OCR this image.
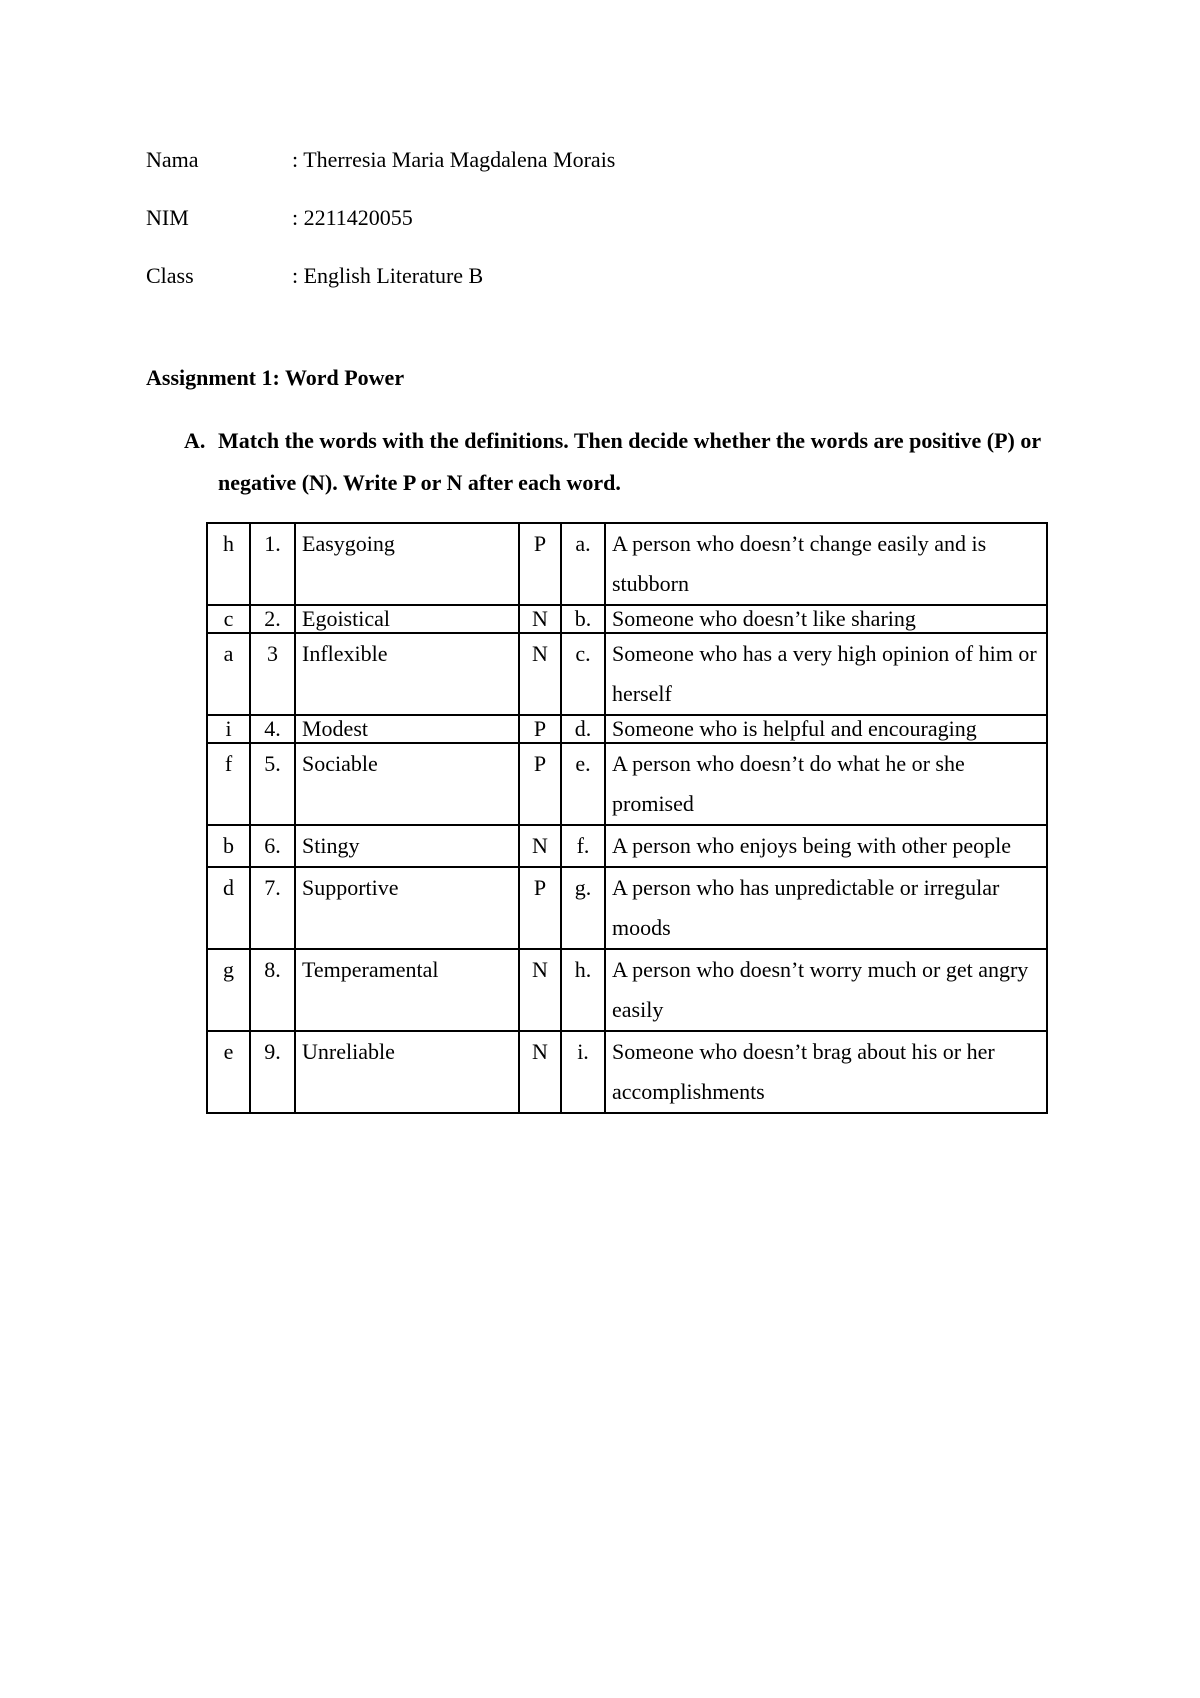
Nama	: Therresia Maria Magdalena Morais
NIM	: 2211420055
Class	: English Literature B
Assignment 1: Word Power
A. Match the words with the definitions. Then decide whether the words are positive (P) or negative (N). Write P or N after each word.
h	1.	Easygoing	P	a.	A person who doesn’t change easily and is stubborn
c	2.	Egoistical	N	b.	Someone who doesn’t like sharing
a	3	Inflexible	N	c.	Someone who has a very high opinion of him or herself
i	4.	Modest	P	d.	Someone who is helpful and encouraging
f	5.	Sociable	P	e.	A person who doesn’t do what he or she promised
b	6.	Stingy	N	f.	A person who enjoys being with other people
d	7.	Supportive	P	g.	A person who has unpredictable or irregular moods
g	8.	Temperamental	N	h.	A person who doesn’t worry much or get angry easily
e	9.	Unreliable	N	i.	Someone who doesn’t brag about his or her accomplishments
